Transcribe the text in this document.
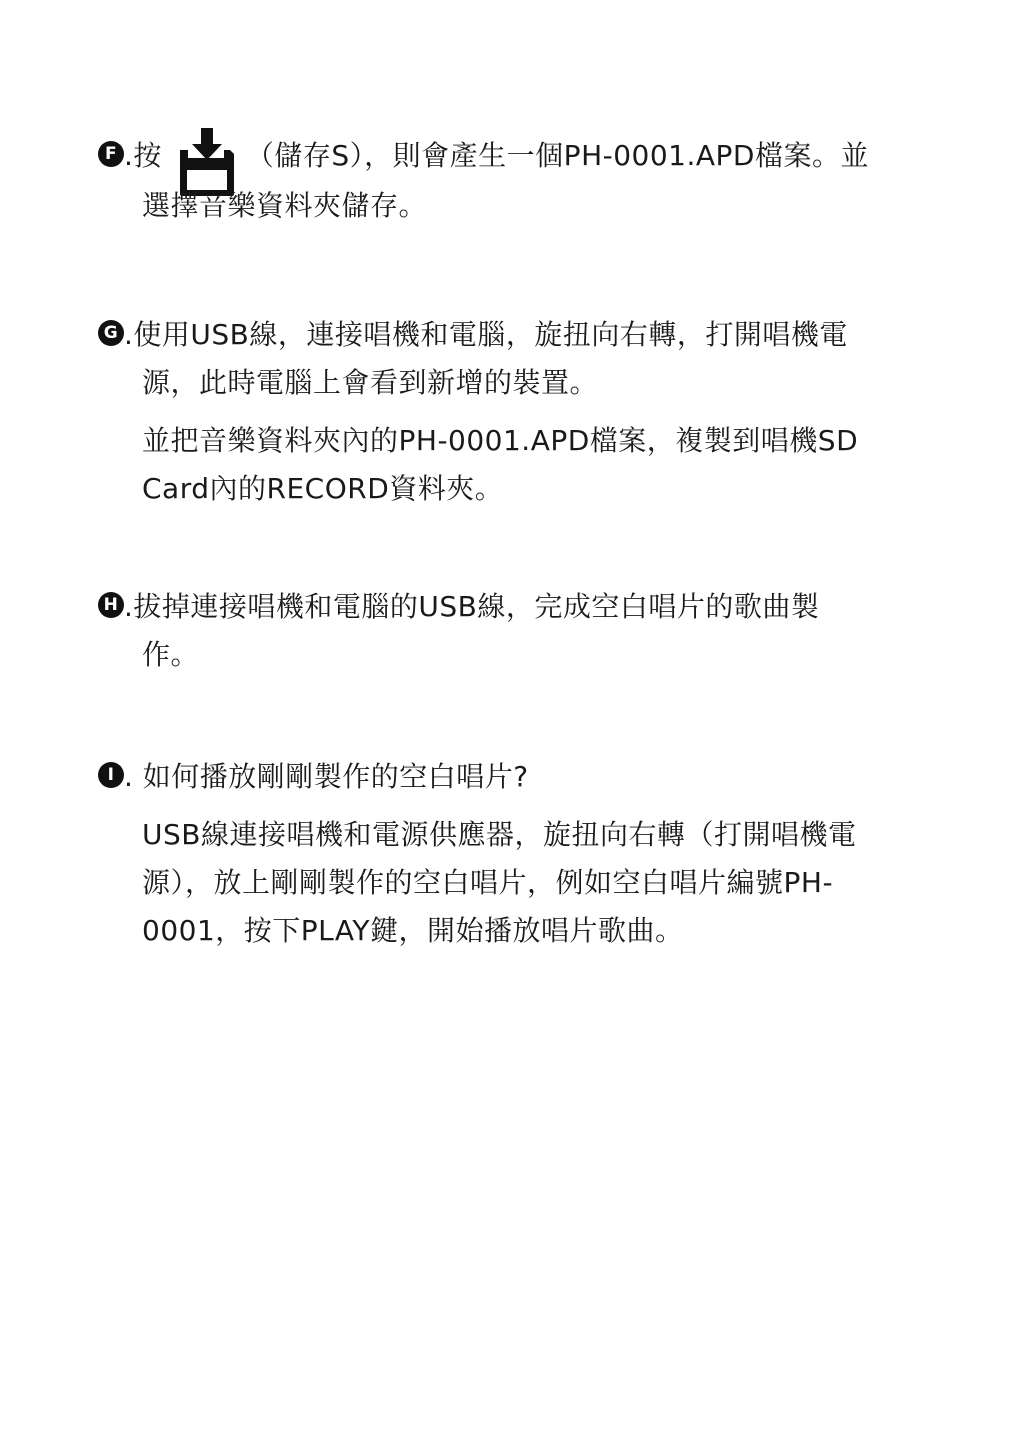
F .按	（儲存S），則會產生一個PH-0001.APD檔案。並
選擇音樂資料夾儲存。
G .使用USB線，連接唱機和電腦，旋扭向右轉，打開唱機電
源，此時電腦上會看到新增的裝置。
並把音樂資料夾內的PH-0001.APD檔案，複製到唱機SD
Card內的RECORD資料夾。
H .拔掉連接唱機和電腦的USB線，完成空白唱片的歌曲製
作。
I . 如何播放剛剛製作的空白唱片?
USB線連接唱機和電源供應器，旋扭向右轉（打開唱機電
源），放上剛剛製作的空白唱片，例如空白唱片編號PH-
0001，按下PLAY鍵，開始播放唱片歌曲。
